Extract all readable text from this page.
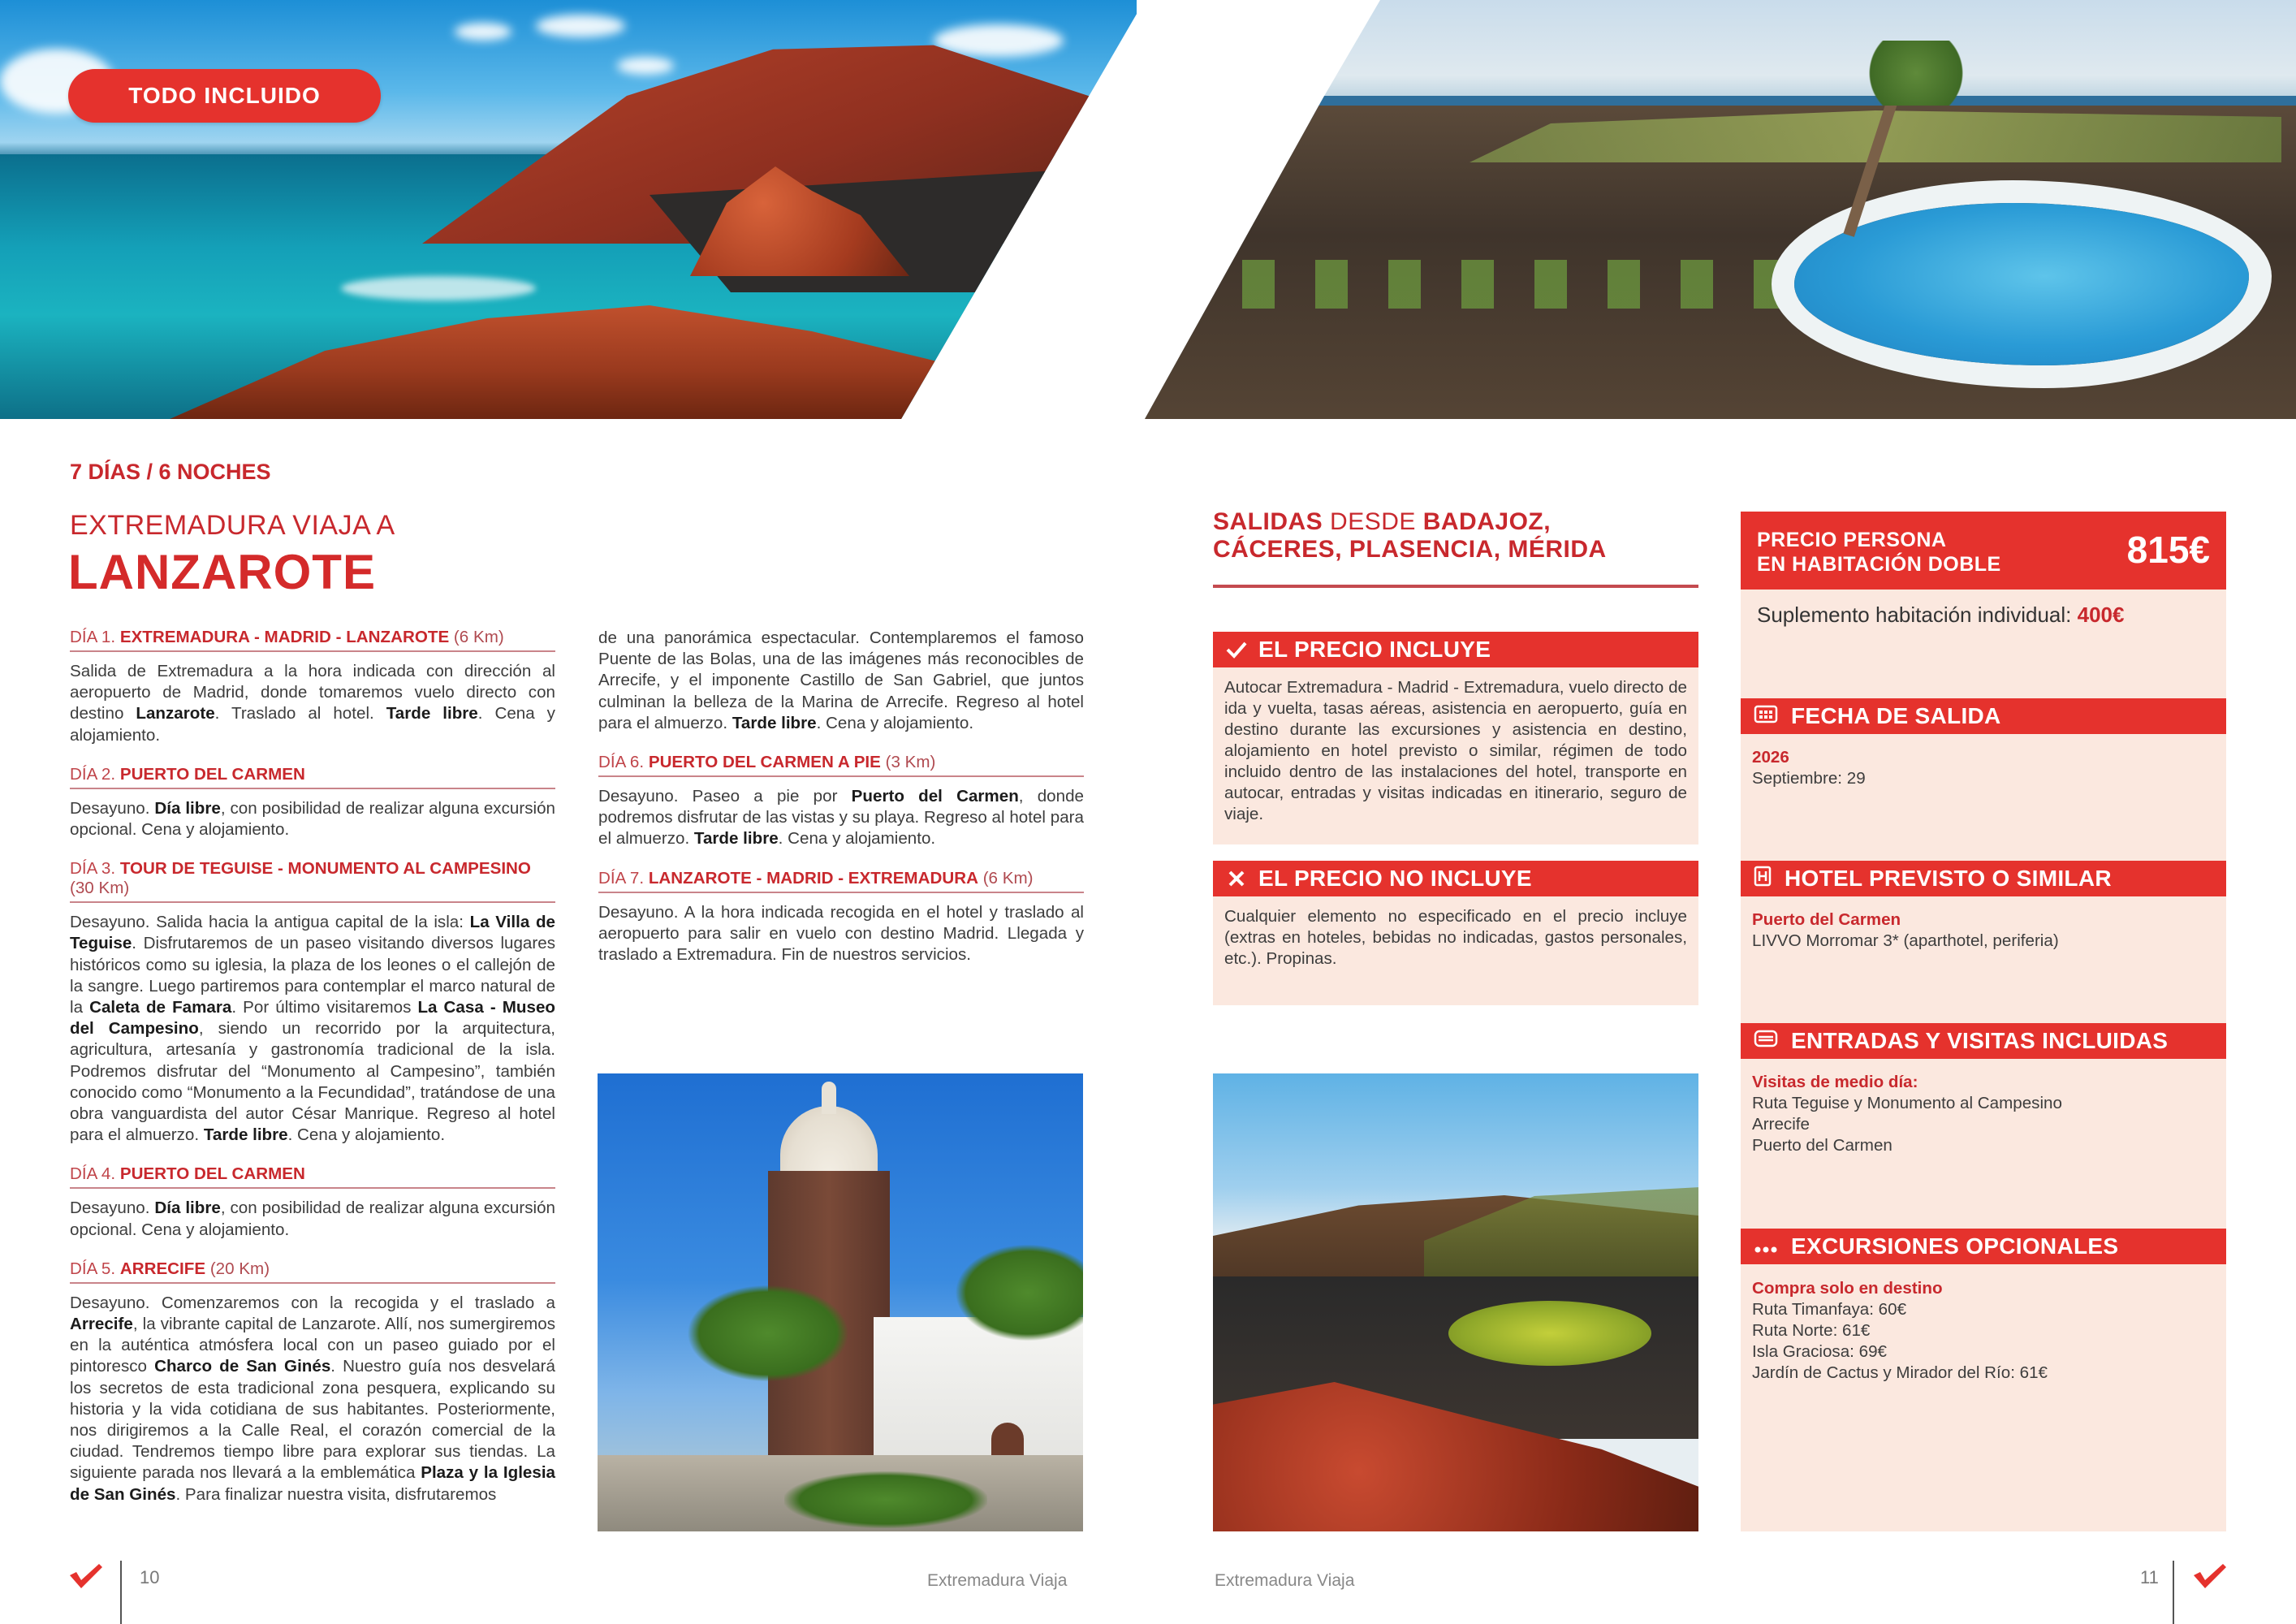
TODO INCLUIDO
7 DÍAS / 6 NOCHES
EXTREMADURA VIAJA A
LANZAROTE
DÍA 1. EXTREMADURA - MADRID - LANZAROTE (6 Km)
Salida de Extremadura a la hora indicada con dirección al aeropuerto de Madrid, donde tomaremos vuelo directo con destino Lanzarote. Traslado al hotel. Tarde libre. Cena y alojamiento.
DÍA 2. PUERTO DEL CARMEN
Desayuno. Día libre, con posibilidad de realizar alguna excursión opcional. Cena y alojamiento.
DÍA 3. TOUR DE TEGUISE - MONUMENTO AL CAMPESINO (30 Km)
Desayuno. Salida hacia la antigua capital de la isla: La Villa de Teguise. Disfrutaremos de un paseo visitando diversos lugares históricos como su iglesia, la plaza de los leones o el callejón de la sangre. Luego partiremos para contemplar el marco natural de la Caleta de Famara. Por último visitaremos La Casa - Museo del Campesino, siendo un recorrido por la arquitectura, agricultura, artesanía y gastronomía tradicional de la isla. Podremos disfrutar del “Monumento al Campesino”, también conocido como “Monumento a la Fecundidad”, tratándose de una obra vanguardista del autor César Manrique. Regreso al hotel para el almuerzo. Tarde libre. Cena y alojamiento.
DÍA 4. PUERTO DEL CARMEN
Desayuno. Día libre, con posibilidad de realizar alguna excursión opcional. Cena y alojamiento.
DÍA 5. ARRECIFE (20 Km)
Desayuno. Comenzaremos con la recogida y el traslado a Arrecife, la vibrante capital de Lanzarote. Allí, nos sumergiremos en la auténtica atmósfera local con un paseo guiado por el pintoresco Charco de San Ginés. Nuestro guía nos desvelará los secretos de esta tradicional zona pesquera, explicando su historia y la vida cotidiana de sus habitantes. Posteriormente, nos dirigiremos a la Calle Real, el corazón comercial de la ciudad. Tendremos tiempo libre para explorar sus tiendas. La siguiente parada nos llevará a la emblemática Plaza y la Iglesia de San Ginés. Para finalizar nuestra visita, disfrutaremos
de una panorámica espectacular. Contemplaremos el famoso Puente de las Bolas, una de las imágenes más reconocibles de Arrecife, y el imponente Castillo de San Gabriel, que juntos culminan la belleza de la Marina de Arrecife. Regreso al hotel para el almuerzo. Tarde libre. Cena y alojamiento.
DÍA 6. PUERTO DEL CARMEN A PIE (3 Km)
Desayuno. Paseo a pie por Puerto del Carmen, donde podremos disfrutar de las vistas y su playa. Regreso al hotel para el almuerzo. Tarde libre. Cena y alojamiento.
DÍA 7. LANZAROTE - MADRID - EXTREMADURA (6 Km)
Desayuno. A la hora indicada recogida en el hotel y traslado al aeropuerto para salir en vuelo con destino Madrid. Llegada y traslado a Extremadura. Fin de nuestros servicios.
SALIDAS DESDE BADAJOZ,
CÁCERES, PLASENCIA, MÉRIDA
EL PRECIO INCLUYE
Autocar Extremadura - Madrid - Extremadura, vuelo directo de ida y vuelta, tasas aéreas, asistencia en aeropuerto, guía en destino durante las excursiones y asistencia en destino, alojamiento en hotel previsto o similar, régimen de todo incluido dentro de las instalaciones del hotel, transporte en autocar, entradas y visitas indicadas en itinerario, seguro de viaje.
EL PRECIO NO INCLUYE
Cualquier elemento no especificado en el precio incluye (extras en hoteles, bebidas no indicadas, gastos personales, etc.). Propinas.
PRECIO PERSONA
EN HABITACIÓN DOBLE	815€
Suplemento habitación individual: 400€
FECHA DE SALIDA
2026
Septiembre: 29
HOTEL PREVISTO O SIMILAR
Puerto del Carmen
LIVVO Morromar 3* (aparthotel, periferia)
ENTRADAS Y VISITAS INCLUIDAS
Visitas de medio día:
Ruta Teguise y Monumento al Campesino
Arrecife
Puerto del Carmen
EXCURSIONES OPCIONALES
Compra solo en destino
Ruta Timanfaya: 60€
Ruta Norte: 61€
Isla Graciosa: 69€
Jardín de Cactus y Mirador del Río: 61€
10	Extremadura Viaja	Extremadura Viaja	11
